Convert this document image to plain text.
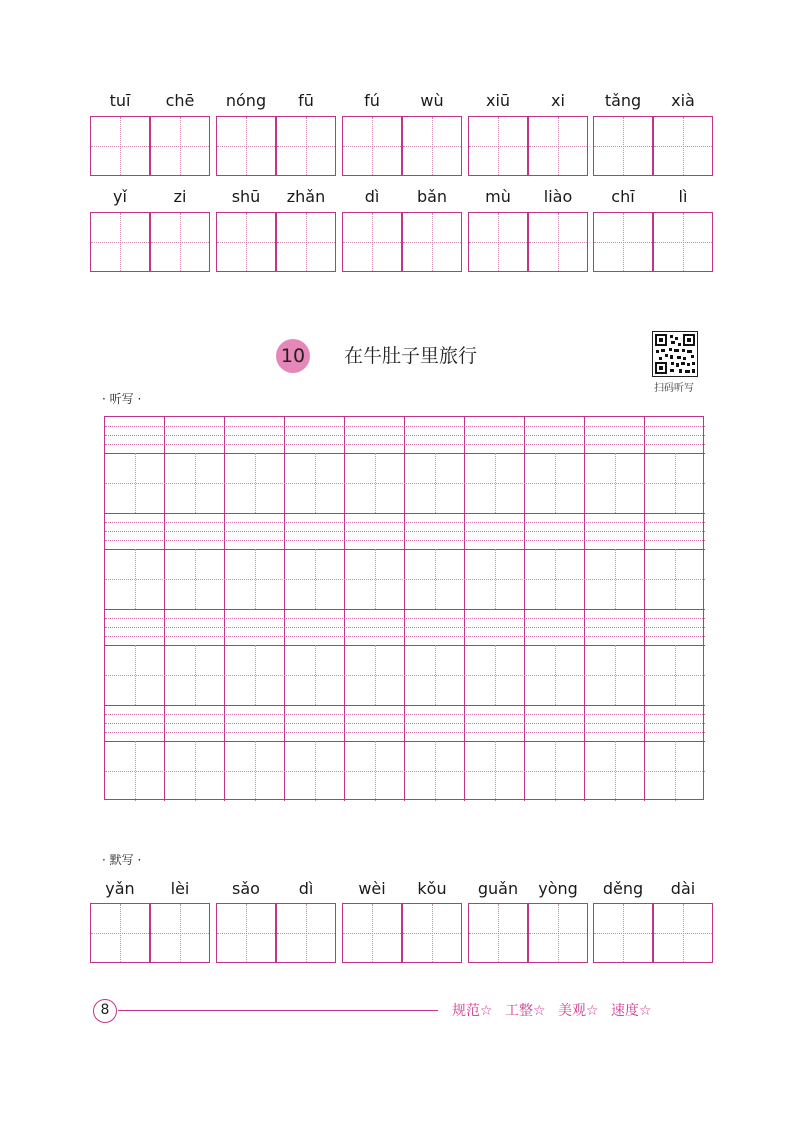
tuī	chē	nóng	fū	fú	wù	xiū	xi	tǎng	xià
yǐ	zi	shū	zhǎn	dì	bǎn	mù	liào	chī	lì
10 在牛肚子里旅行
扫码听写
· 听写 ·
· 默写 ·
yǎn	lèi	sǎo	dì	wèi	kǒu	guǎn	yòng	děng	dài
8	规范☆ 工整☆ 美观☆ 速度☆
